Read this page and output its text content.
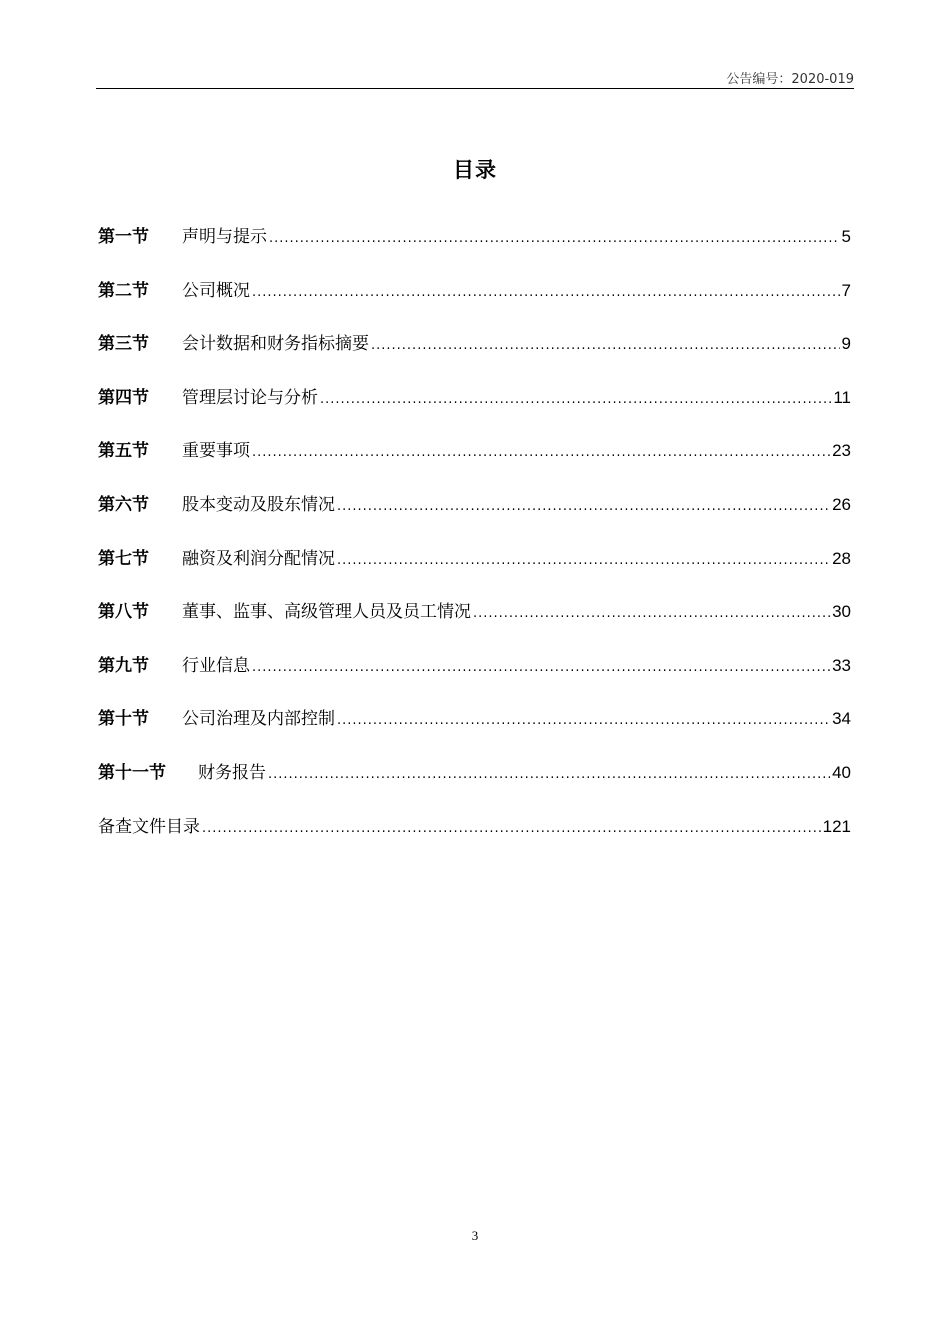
公告编号：2020-019
目录
第一节	声明与提示 .....	5
第二节	公司概况 .....	7
第三节	会计数据和财务指标摘要 .....	9
第四节	管理层讨论与分析 .....	11
第五节	重要事项 .....	23
第六节	股本变动及股东情况 .....	26
第七节	融资及利润分配情况 .....	28
第八节	董事、监事、高级管理人员及员工情况 .....	30
第九节	行业信息 .....	33
第十节	公司治理及内部控制 .....	34
第十一节	财务报告 .....	40
备查文件目录 .....	121
3
